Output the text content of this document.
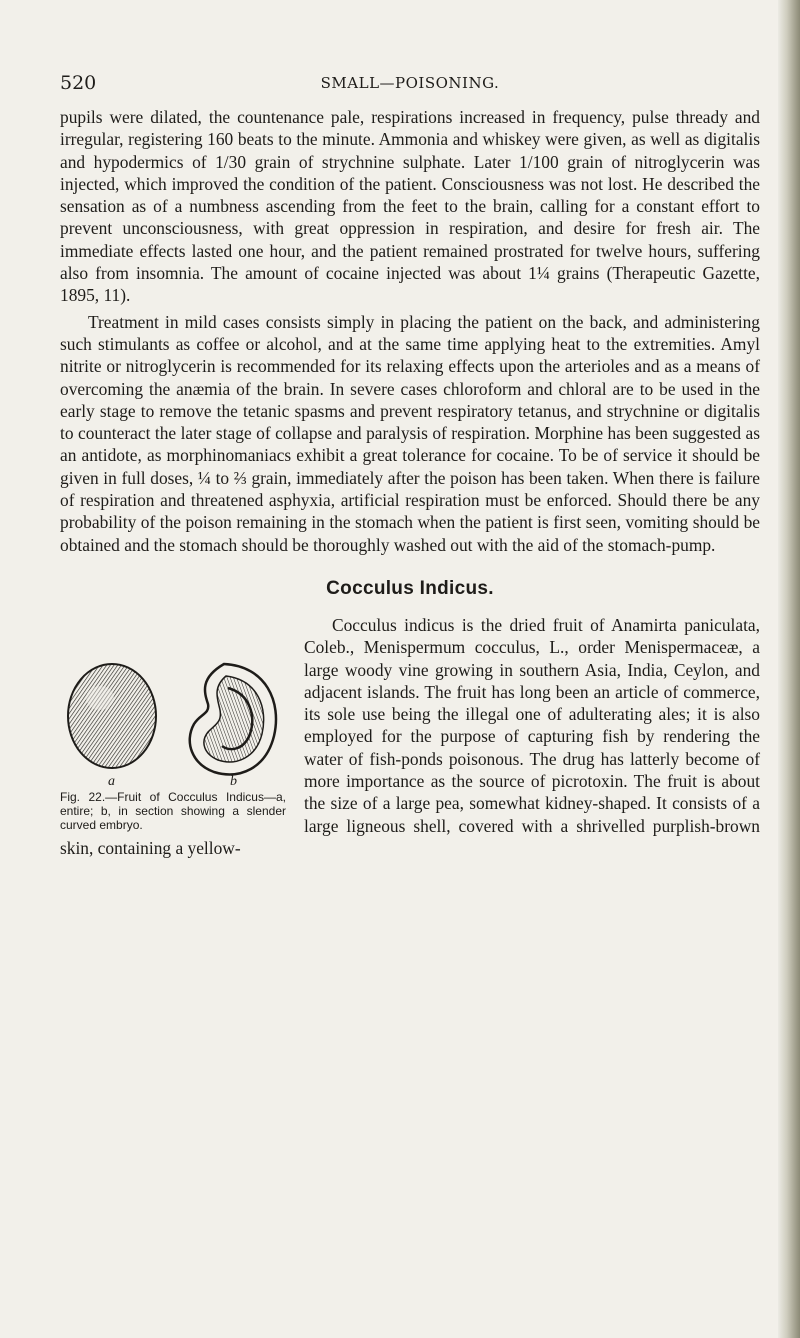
520	SMALL—POISONING.

pupils were dilated, the countenance pale, respirations increased in frequency, pulse thready and irregular, registering 160 beats to the minute. Ammonia and whiskey were given, as well as digitalis and hypodermics of 1/30 grain of strychnine sulphate. Later 1/100 grain of nitroglycerin was injected, which improved the condition of the patient. Consciousness was not lost. He described the sensation as of a numbness ascending from the feet to the brain, calling for a constant effort to prevent unconsciousness, with great oppression in respiration, and desire for fresh air. The immediate effects lasted one hour, and the patient remained prostrated for twelve hours, suffering also from insomnia. The amount of cocaine injected was about 1¼ grains (Therapeutic Gazette, 1895, 11).

Treatment in mild cases consists simply in placing the patient on the back, and administering such stimulants as coffee or alcohol, and at the same time applying heat to the extremities. Amyl nitrite or nitroglycerin is recommended for its relaxing effects upon the arterioles and as a means of overcoming the anæmia of the brain. In severe cases chloroform and chloral are to be used in the early stage to remove the tetanic spasms and prevent respiratory tetanus, and strychnine or digitalis to counteract the later stage of collapse and paralysis of respiration. Morphine has been suggested as an antidote, as morphinomaniacs exhibit a great tolerance for cocaine. To be of service it should be given in full doses, ¼ to ⅔ grain, immediately after the poison has been taken. When there is failure of respiration and threatened asphyxia, artificial respiration must be enforced. Should there be any probability of the poison remaining in the stomach when the patient is first seen, vomiting should be obtained and the stomach should be thoroughly washed out with the aid of the stomach-pump.

Cocculus Indicus.
a	b
Fig. 22.—Fruit of Cocculus Indicus—a, entire; b, in section showing a slender curved embryo.

Cocculus indicus is the dried fruit of Anamirta paniculata, Coleb., Menispermum cocculus, L., order Menispermaceæ, a large woody vine growing in southern Asia, India, Ceylon, and adjacent islands. The fruit has long been an article of commerce, its sole use being the illegal one of adulterating ales; it is also employed for the purpose of capturing fish by rendering the water of fish-ponds poisonous. The drug has latterly become of more importance as the source of picrotoxin. The fruit is about the size of a large pea, somewhat kidney-shaped. It consists of a large ligneous shell, covered with a shrivelled purplish-brown skin, containing a yellow-
